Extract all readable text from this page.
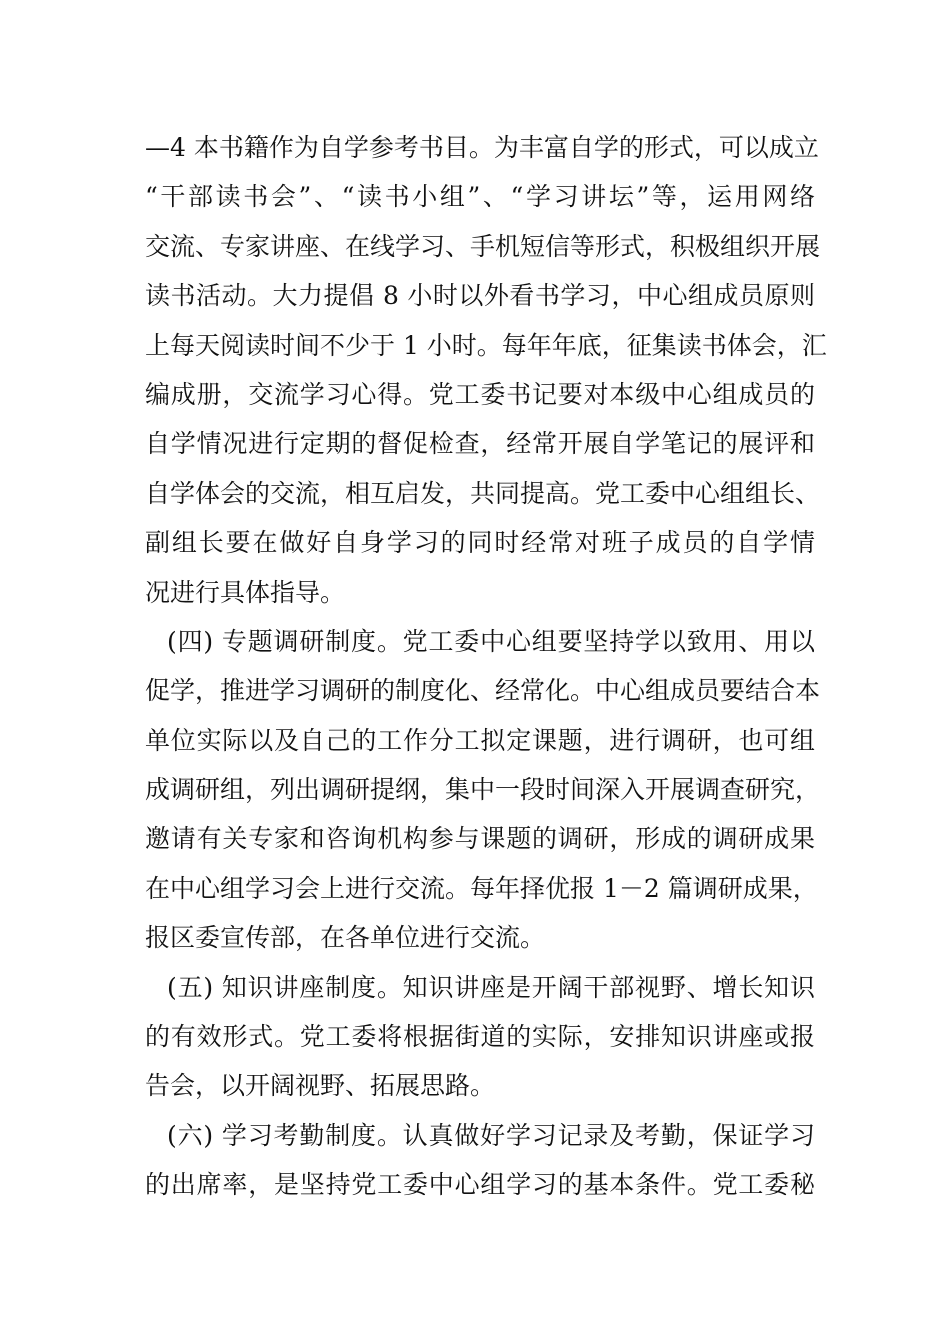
—4 本书籍作为自学参考书目。为丰富自学的形式，可以成立
“干部读书会”、“读书小组”、“学习讲坛”等，运用网络
交流、专家讲座、在线学习、手机短信等形式，积极组织开展
读书活动。大力提倡 8 小时以外看书学习，中心组成员原则
上每天阅读时间不少于 1 小时。每年年底，征集读书体会，汇
编成册，交流学习心得。党工委书记要对本级中心组成员的
自学情况进行定期的督促检查，经常开展自学笔记的展评和
自学体会的交流，相互启发，共同提高。党工委中心组组长、
副组长要在做好自身学习的同时经常对班子成员的自学情
况进行具体指导。
(四) 专题调研制度。党工委中心组要坚持学以致用、用以
促学，推进学习调研的制度化、经常化。中心组成员要结合本
单位实际以及自己的工作分工拟定课题，进行调研，也可组
成调研组，列出调研提纲，集中一段时间深入开展调查研究，
邀请有关专家和咨询机构参与课题的调研，形成的调研成果
在中心组学习会上进行交流。每年择优报 1－2 篇调研成果，
报区委宣传部，在各单位进行交流。
(五) 知识讲座制度。知识讲座是开阔干部视野、增长知识
的有效形式。党工委将根据街道的实际，安排知识讲座或报
告会，以开阔视野、拓展思路。
(六) 学习考勤制度。认真做好学习记录及考勤，保证学习
的出席率，是坚持党工委中心组学习的基本条件。党工委秘
